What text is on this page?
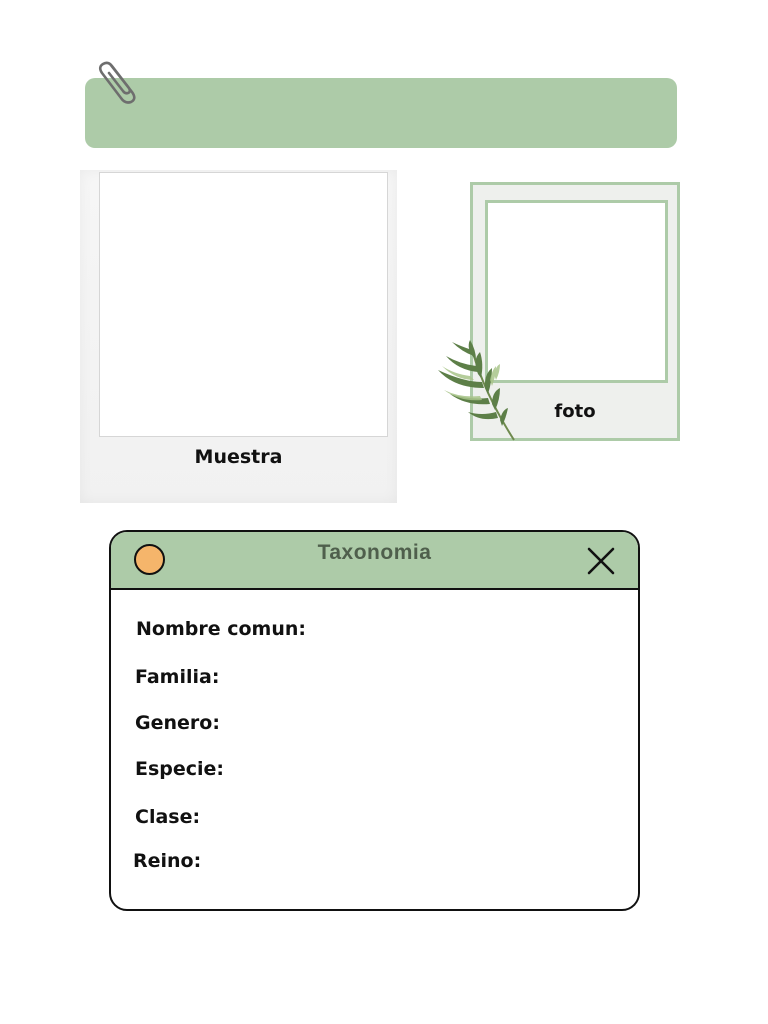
Muestra
foto
Taxonomia
Nombre comun:
Familia:
Genero:
Especie:
Clase:
Reino:
